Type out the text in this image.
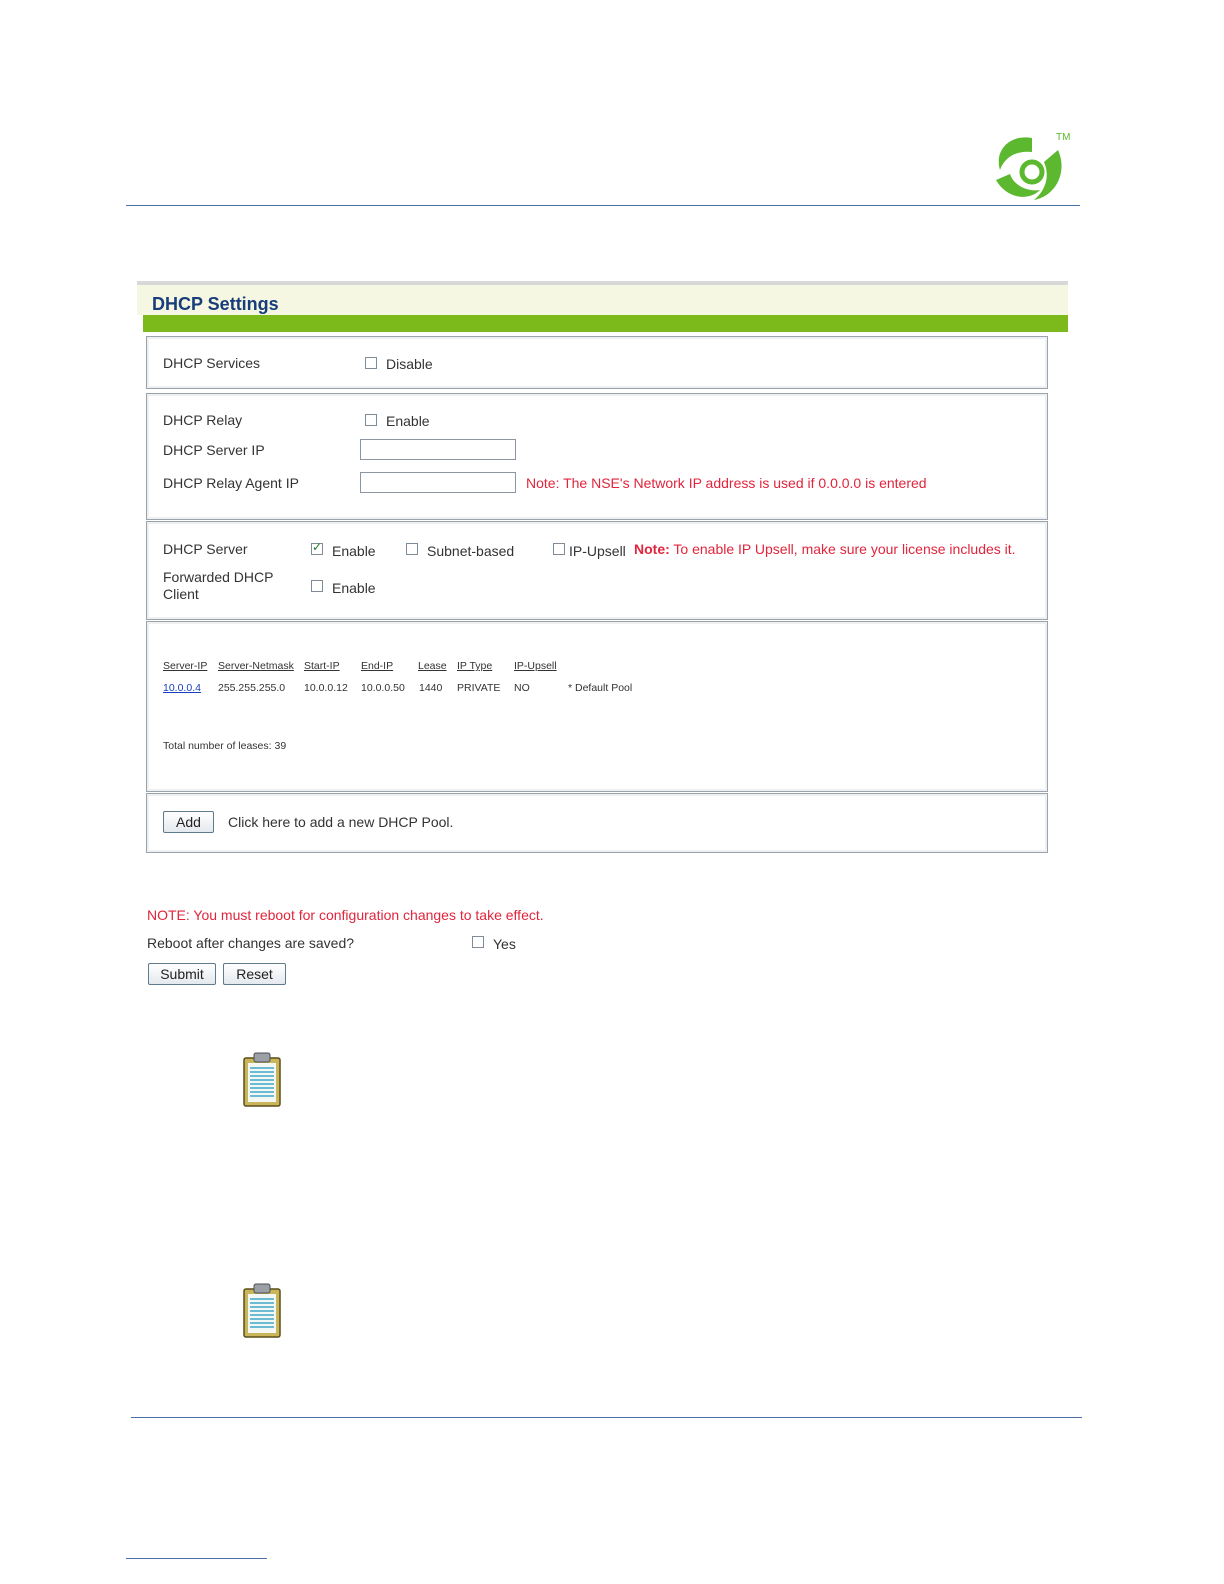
TM
DHCP Settings
DHCP Services	Disable
DHCP Relay	Enable
DHCP Server IP
DHCP Relay Agent IP	Note: The NSE's Network IP address is used if 0.0.0.0 is entered
DHCP Server
✓	Enable	Subnet-based	IP-Upsell Note: To enable IP Upsell, make sure your license includes it.
Forwarded DHCP
Client	Enable
Server-IP Server-Netmask Start-IP End-IP Lease IP Type IP-Upsell
10.0.0.4 255.255.255.0 10.0.0.12 10.0.0.50 1440 PRIVATE NO	* Default Pool
Total number of leases: 39
Add	Click here to add a new DHCP Pool.
NOTE: You must reboot for configuration changes to take effect.
Reboot after changes are saved?	Yes
Submit	Reset
